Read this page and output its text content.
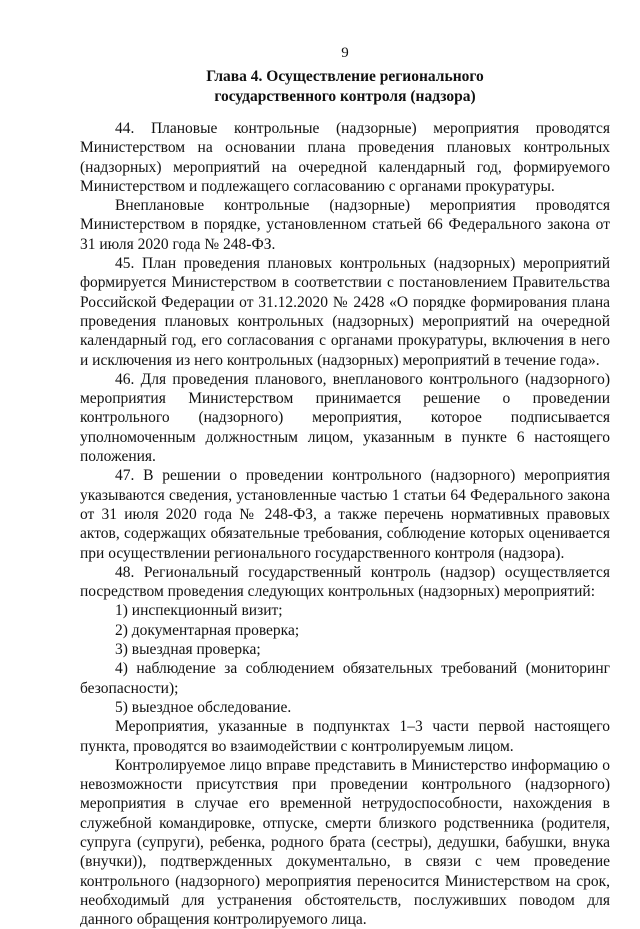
9
Глава 4. Осуществление регионального
государственного контроля (надзора)

44. Плановые контрольные (надзорные) мероприятия проводятся Министерством на основании плана проведения плановых контрольных (надзорных) мероприятий на очередной календарный год, формируемого Министерством и подлежащего согласованию с органами прокуратуры.

Внеплановые контрольные (надзорные) мероприятия проводятся Министерством в порядке, установленном статьей 66 Федерального закона от 31 июля 2020 года № 248-ФЗ.

45. План проведения плановых контрольных (надзорных) мероприятий формируется Министерством в соответствии с постановлением Правительства Российской Федерации от 31.12.2020 № 2428 «О порядке формирования плана проведения плановых контрольных (надзорных) мероприятий на очередной календарный год, его согласования с органами прокуратуры, включения в него и исключения из него контрольных (надзорных) мероприятий в течение года».

46. Для проведения планового, внепланового контрольного (надзорного) мероприятия Министерством принимается решение о проведении контрольного (надзорного) мероприятия, которое подписывается уполномоченным должностным лицом, указанным в пункте 6 настоящего положения.

47. В решении о проведении контрольного (надзорного) мероприятия указываются сведения, установленные частью 1 статьи 64 Федерального закона от 31 июля 2020 года № 248-ФЗ, а также перечень нормативных правовых актов, содержащих обязательные требования, соблюдение которых оценивается при осуществлении регионального государственного контроля (надзора).

48. Региональный государственный контроль (надзор) осуществляется посредством проведения следующих контрольных (надзорных) мероприятий:

1) инспекционный визит;

2) документарная проверка;

3) выездная проверка;

4) наблюдение за соблюдением обязательных требований (мониторинг безопасности);

5) выездное обследование.

Мероприятия, указанные в подпунктах 1–3 части первой настоящего пункта, проводятся во взаимодействии с контролируемым лицом.

Контролируемое лицо вправе представить в Министерство информацию о невозможности присутствия при проведении контрольного (надзорного) мероприятия в случае его временной нетрудоспособности, нахождения в служебной командировке, отпуске, смерти близкого родственника (родителя, супруга (супруги), ребенка, родного брата (сестры), дедушки, бабушки, внука (внучки)), подтвержденных документально, в связи с чем проведение контрольного (надзорного) мероприятия переносится Министерством на срок, необходимый для устранения обстоятельств, послуживших поводом для данного обращения контролируемого лица.
